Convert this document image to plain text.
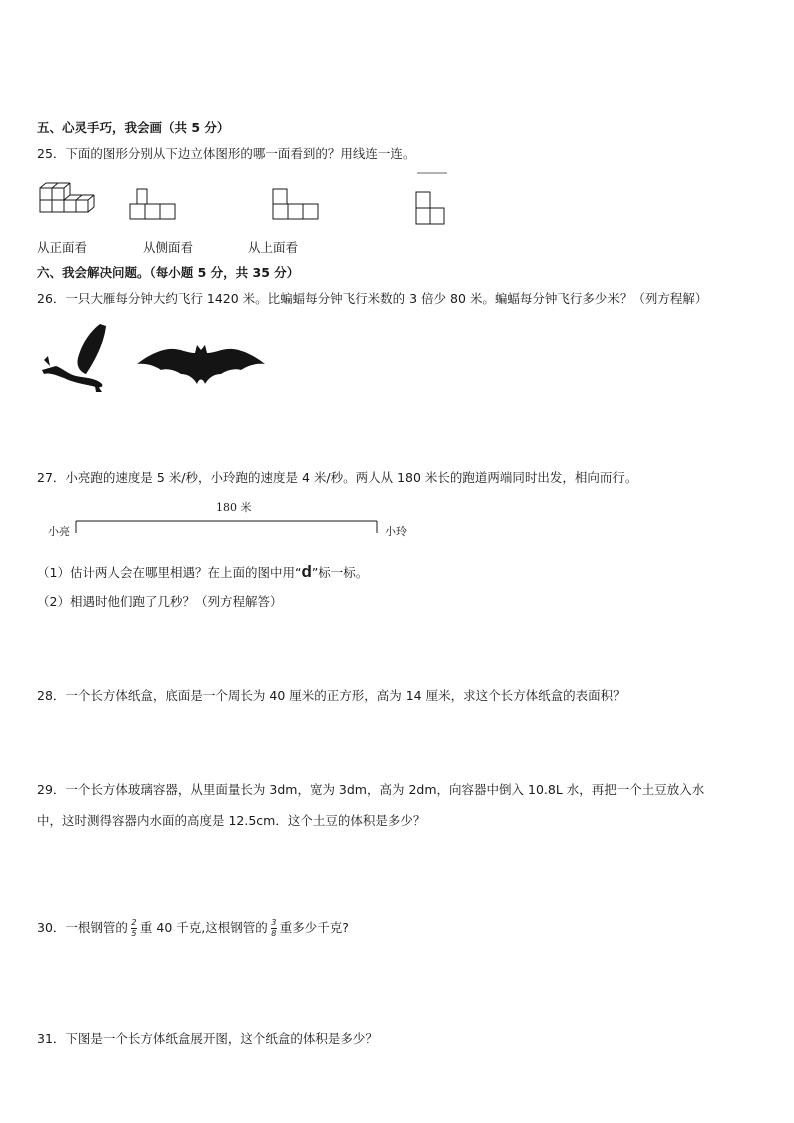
五、心灵手巧，我会画（共 5 分）
25．下面的图形分别从下边立体图形的哪一面看到的？用线连一连。
从正面看	从侧面看	从上面看
六、我会解决问题。（每小题 5 分，共 35 分）
26．一只大雁每分钟大约飞行 1420 米。比蝙蝠每分钟飞行米数的 3 倍少 80 米。蝙蝠每分钟飞行多少米？（列方程解）
27．小亮跑的速度是 5 米/秒，小玲跑的速度是 4 米/秒。两人从 180 米长的跑道两端同时出发，相向而行。
180 米
小亮	小玲
（1）估计两人会在哪里相遇？在上面的图中用“d”标一标。
（2）相遇时他们跑了几秒？（列方程解答）
28．一个长方体纸盒，底面是一个周长为 40 厘米的正方形，高为 14 厘米，求这个长方体纸盒的表面积？
29．一个长方体玻璃容器，从里面量长为 3dm，宽为 3dm，高为 2dm，向容器中倒入 10.8L 水，再把一个土豆放入水
中，这时测得容器内水面的高度是 12.5cm．这个土豆的体积是多少？
30．一根钢管的 $\frac{2}{5}$ 重 40 千克,这根钢管的 $\frac{3}{8}$ 重多少千克?
31．下图是一个长方体纸盒展开图，这个纸盒的体积是多少？
